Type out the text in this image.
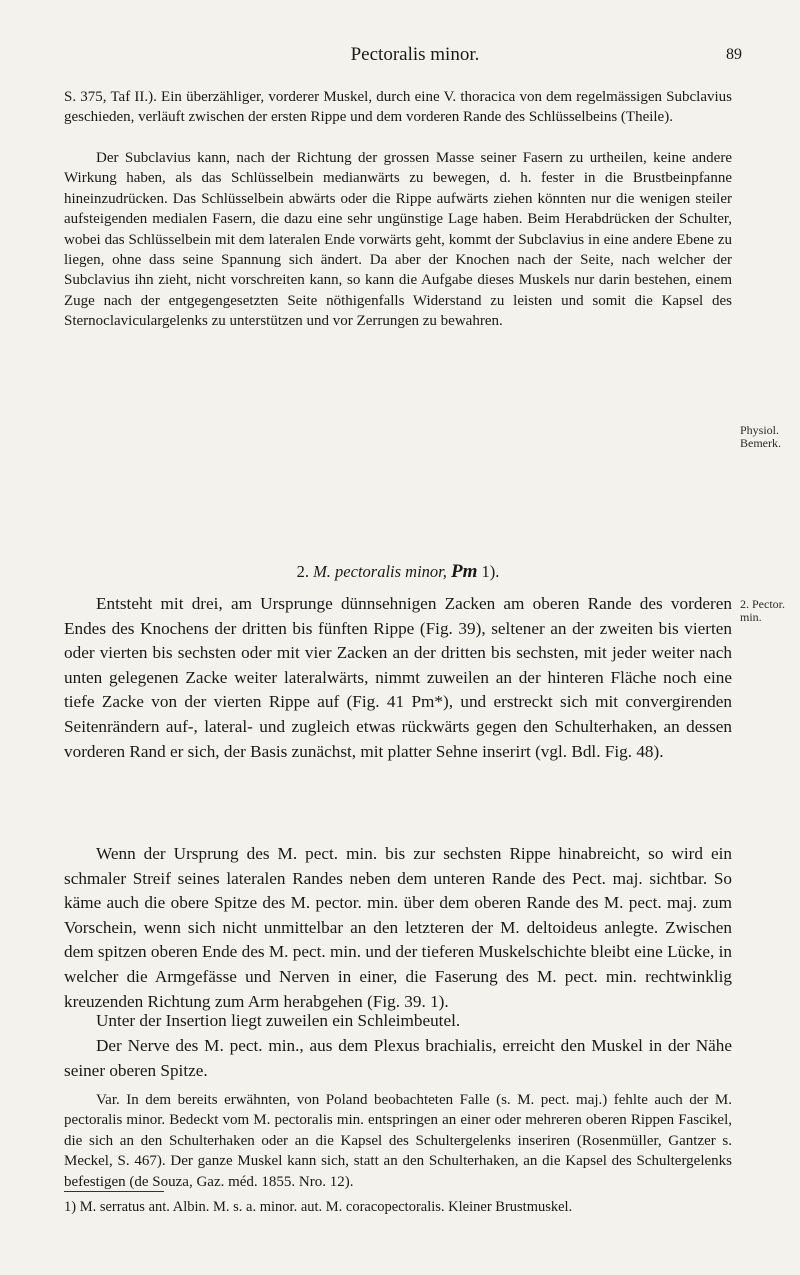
Pectoralis minor.	89
Physiol. Bemerk.
2. Pector. min.

S. 375, Taf II.). Ein überzähliger, vorderer Muskel, durch eine V. thoracica von dem regelmässigen Subclavius geschieden, verläuft zwischen der ersten Rippe und dem vorderen Rande des Schlüsselbeins (Theile).

Der Subclavius kann, nach der Richtung der grossen Masse seiner Fasern zu urtheilen, keine andere Wirkung haben, als das Schlüsselbein medianwärts zu bewegen, d. h. fester in die Brustbeinpfanne hineinzudrücken. Das Schlüsselbein abwärts oder die Rippe aufwärts ziehen könnten nur die wenigen steiler aufsteigenden medialen Fasern, die dazu eine sehr ungünstige Lage haben. Beim Herabdrücken der Schulter, wobei das Schlüsselbein mit dem lateralen Ende vorwärts geht, kommt der Subclavius in eine andere Ebene zu liegen, ohne dass seine Spannung sich ändert. Da aber der Knochen nach der Seite, nach welcher der Subclavius ihn zieht, nicht vorschreiten kann, so kann die Aufgabe dieses Muskels nur darin bestehen, einem Zuge nach der entgegengesetzten Seite nöthigenfalls Widerstand zu leisten und somit die Kapsel des Sternoclaviculargelenks zu unterstützen und vor Zerrungen zu bewahren.

2. M. pectoralis minor, Pm 1).

Entsteht mit drei, am Ursprunge dünnsehnigen Zacken am oberen Rande des vorderen Endes des Knochens der dritten bis fünften Rippe (Fig. 39), seltener an der zweiten bis vierten oder vierten bis sechsten oder mit vier Zacken an der dritten bis sechsten, mit jeder weiter nach unten gelegenen Zacke weiter lateralwärts, nimmt zuweilen an der hinteren Fläche noch eine tiefe Zacke von der vierten Rippe auf (Fig. 41 Pm*), und erstreckt sich mit convergirenden Seitenrändern auf-, lateral- und zugleich etwas rückwärts gegen den Schulterhaken, an dessen vorderen Rand er sich, der Basis zunächst, mit platter Sehne inserirt (vgl. Bdl. Fig. 48).

Wenn der Ursprung des M. pect. min. bis zur sechsten Rippe hinabreicht, so wird ein schmaler Streif seines lateralen Randes neben dem unteren Rande des Pect. maj. sichtbar. So käme auch die obere Spitze des M. pector. min. über dem oberen Rande des M. pect. maj. zum Vorschein, wenn sich nicht unmittelbar an den letzteren der M. deltoideus anlegte. Zwischen dem spitzen oberen Ende des M. pect. min. und der tieferen Muskelschichte bleibt eine Lücke, in welcher die Armgefässe und Nerven in einer, die Faserung des M. pect. min. rechtwinklig kreuzenden Richtung zum Arm herabgehen (Fig. 39. 1).

Unter der Insertion liegt zuweilen ein Schleimbeutel.

Der Nerve des M. pect. min., aus dem Plexus brachialis, erreicht den Muskel in der Nähe seiner oberen Spitze.

Var. In dem bereits erwähnten, von Poland beobachteten Falle (s. M. pect. maj.) fehlte auch der M. pectoralis minor. Bedeckt vom M. pectoralis min. entspringen an einer oder mehreren oberen Rippen Fascikel, die sich an den Schulterhaken oder an die Kapsel des Schultergelenks inseriren (Rosenmüller, Gantzer s. Meckel, S. 467). Der ganze Muskel kann sich, statt an den Schulterhaken, an die Kapsel des Schultergelenks befestigen (de Souza, Gaz. méd. 1855. Nro. 12).

1) M. serratus ant. Albin. M. s. a. minor. aut. M. coracopectoralis. Kleiner Brustmuskel.
